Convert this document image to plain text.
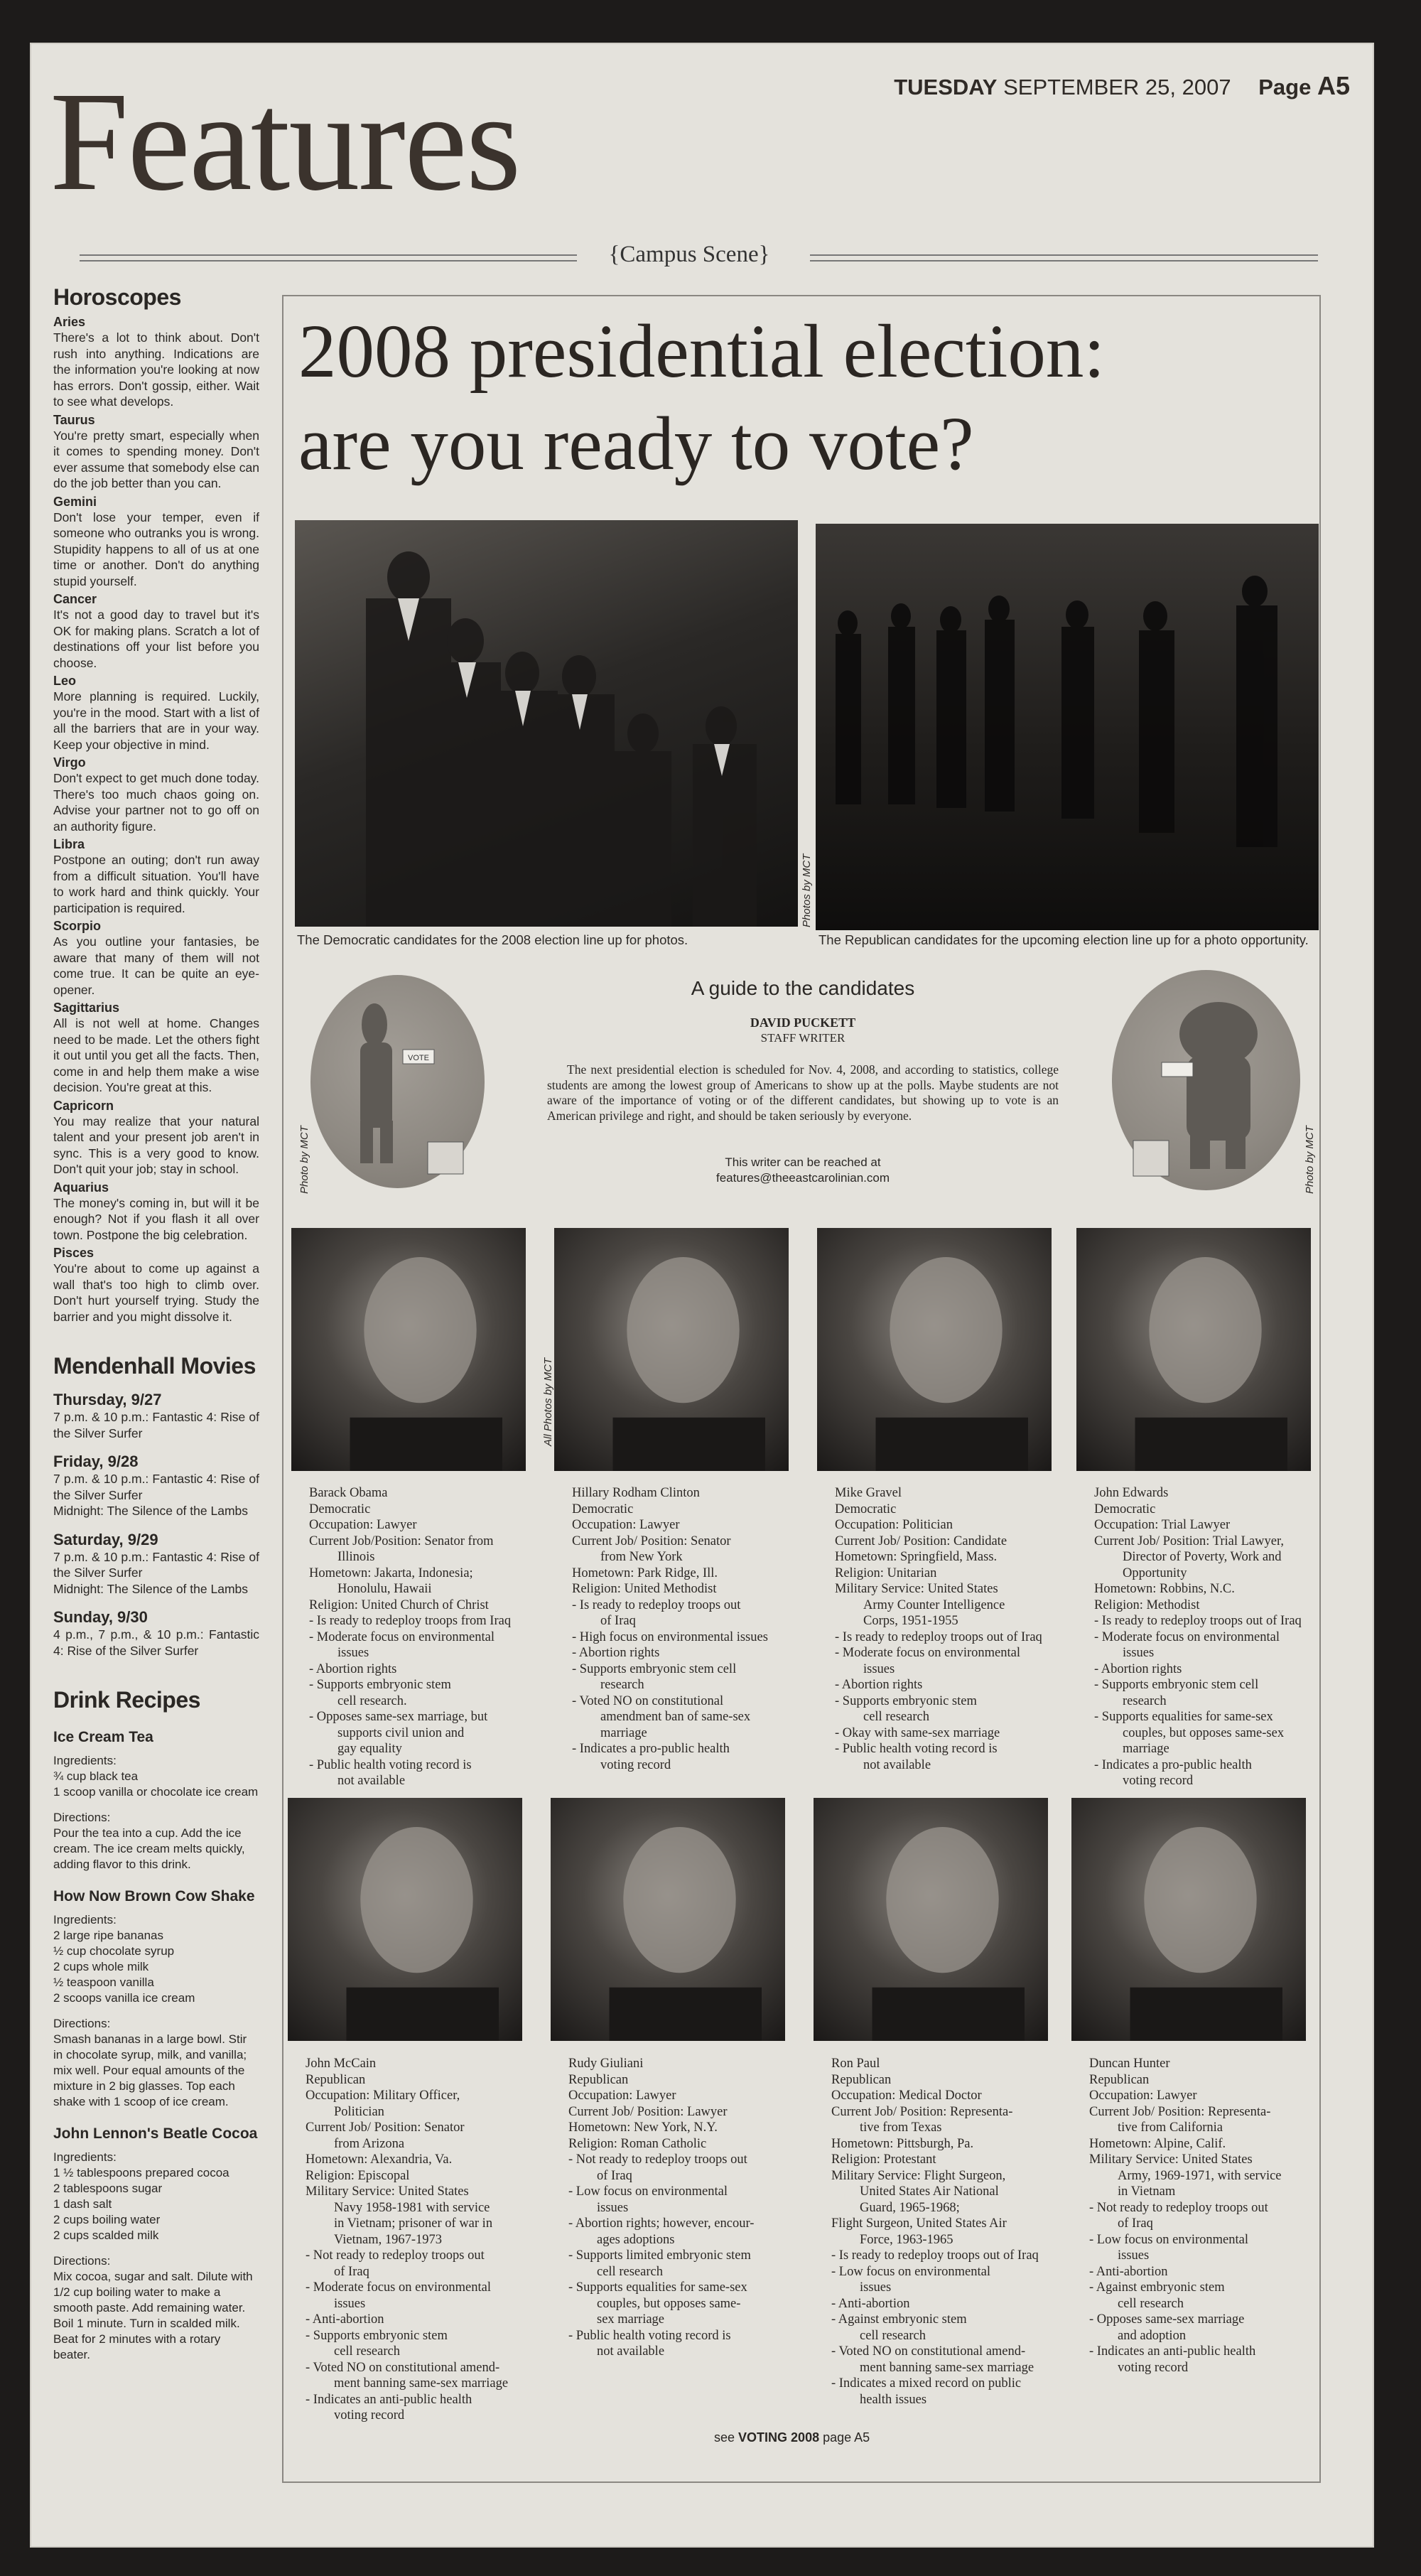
Features	TUESDAY SEPTEMBER 25, 2007 Page A5
{Campus Scene}
Horoscopes
Aries
There's a lot to think about. Don't rush into anything. Indications are the information you're looking at now has errors. Don't gossip, either. Wait to see what develops.
Taurus
You're pretty smart, especially when it comes to spending money. Don't ever assume that somebody else can do the job better than you can.
Gemini
Don't lose your temper, even if someone who outranks you is wrong. Stupidity happens to all of us at one time or another. Don't do anything stupid yourself.
Cancer
It's not a good day to travel but it's OK for making plans. Scratch a lot of destinations off your list before you choose.
Leo
More planning is required. Luckily, you're in the mood. Start with a list of all the barriers that are in your way. Keep your objective in mind.
Virgo
Don't expect to get much done today. There's too much chaos going on. Advise your partner not to go off on an authority figure.
Libra
Postpone an outing; don't run away from a difficult situation. You'll have to work hard and think quickly. Your participation is required.
Scorpio
As you outline your fantasies, be aware that many of them will not come true. It can be quite an eye-opener.
Sagittarius
All is not well at home. Changes need to be made. Let the others fight it out until you get all the facts. Then, come in and help them make a wise decision. You're great at this.
Capricorn
You may realize that your natural talent and your present job aren't in sync. This is a very good to know. Don't quit your job; stay in school.
Aquarius
The money's coming in, but will it be enough? Not if you flash it all over town. Postpone the big celebration.
Pisces
You're about to come up against a wall that's too high to climb over. Don't hurt yourself trying. Study the barrier and you might dissolve it.
Mendenhall Movies
Thursday, 9/27
7 p.m. & 10 p.m.: Fantastic 4: Rise of the Silver Surfer
Friday, 9/28
7 p.m. & 10 p.m.: Fantastic 4: Rise of the Silver Surfer
Midnight: The Silence of the Lambs
Saturday, 9/29
7 p.m. & 10 p.m.: Fantastic 4: Rise of the Silver Surfer
Midnight: The Silence of the Lambs
Sunday, 9/30
4 p.m., 7 p.m., & 10 p.m.: Fantastic 4: Rise of the Silver Surfer
Drink Recipes
Ice Cream Tea
Ingredients:
¾ cup black tea
1 scoop vanilla or chocolate ice cream
Directions:
Pour the tea into a cup. Add the ice cream. The ice cream melts quickly, adding flavor to this drink.
How Now Brown Cow Shake
Ingredients:
2 large ripe bananas
½ cup chocolate syrup
2 cups whole milk
½ teaspoon vanilla
2 scoops vanilla ice cream
Directions:
Smash bananas in a large bowl. Stir in chocolate syrup, milk, and vanilla; mix well. Pour equal amounts of the mixture in 2 big glasses. Top each shake with 1 scoop of ice cream.
John Lennon's Beatle Cocoa
Ingredients:
1 ½ tablespoons prepared cocoa
2 tablespoons sugar
1 dash salt
2 cups boiling water
2 cups scalded milk
Directions:
Mix cocoa, sugar and salt. Dilute with 1/2 cup boiling water to make a smooth paste. Add remaining water. Boil 1 minute. Turn in scalded milk. Beat for 2 minutes with a rotary beater.
2008 presidential election:
are you ready to vote?
Photos by MCT
The Democratic candidates for the 2008 election line up for photos.	The Republican candidates for the upcoming election line up for a photo opportunity.
VOTE
Photo by MCT	Photo by MCT
A guide to the candidates
DAVID PUCKETT
STAFF WRITER
The next presidential election is scheduled for Nov. 4, 2008, and according to statistics, college students are among the lowest group of Americans to show up at the polls. Maybe students are not aware of the importance of voting or of the different candidates, but showing up to vote is an American privilege and right, and should be taken seriously by everyone.
This writer can be reached at
features@theeastcarolinian.com
Barack Obama
Democratic
Occupation: Lawyer
Current Job/Position: Senator from
Illinois
Hometown: Jakarta, Indonesia;
Honolulu, Hawaii
Religion: United Church of Christ
- Is ready to redeploy troops from Iraq
- Moderate focus on environmental
issues
- Abortion rights
- Supports embryonic stem
cell research.
- Opposes same-sex marriage, but
supports civil union and
gay equality
- Public health voting record is
not available
Hillary Rodham Clinton
Democratic
Occupation: Lawyer
Current Job/ Position: Senator
from New York
Hometown: Park Ridge, Ill.
Religion: United Methodist
- Is ready to redeploy troops out
of Iraq
- High focus on environmental issues
- Abortion rights
- Supports embryonic stem cell
research
- Voted NO on constitutional
amendment ban of same-sex
marriage
- Indicates a pro-public health
voting record
Mike Gravel
Democratic
Occupation: Politician
Current Job/ Position: Candidate
Hometown: Springfield, Mass.
Religion: Unitarian
Military Service: United States
Army Counter Intelligence
Corps, 1951-1955
- Is ready to redeploy troops out of Iraq
- Moderate focus on environmental
issues
- Abortion rights
- Supports embryonic stem
cell research
- Okay with same-sex marriage
- Public health voting record is
not available
John Edwards
Democratic
Occupation: Trial Lawyer
Current Job/ Position: Trial Lawyer,
Director of Poverty, Work and
Opportunity
Hometown: Robbins, N.C.
Religion: Methodist
- Is ready to redeploy troops out of Iraq
- Moderate focus on environmental
issues
- Abortion rights
- Supports embryonic stem cell
research
- Supports equalities for same-sex
couples, but opposes same-sex
marriage
- Indicates a pro-public health
voting record
All Photos by MCT
John McCain
Republican
Occupation: Military Officer,
Politician
Current Job/ Position: Senator
from Arizona
Hometown: Alexandria, Va.
Religion: Episcopal
Military Service: United States
Navy 1958-1981 with service
in Vietnam; prisoner of war in
Vietnam, 1967-1973
- Not ready to redeploy troops out
of Iraq
- Moderate focus on environmental
issues
- Anti-abortion
- Supports embryonic stem
cell research
- Voted NO on constitutional amend-
ment banning same-sex marriage
- Indicates an anti-public health
voting record
Rudy Giuliani
Republican
Occupation: Lawyer
Current Job/ Position: Lawyer
Hometown: New York, N.Y.
Religion: Roman Catholic
- Not ready to redeploy troops out
of Iraq
- Low focus on environmental
issues
- Abortion rights; however, encour-
ages adoptions
- Supports limited embryonic stem
cell research
- Supports equalities for same-sex
couples, but opposes same-
sex marriage
- Public health voting record is
not available
Ron Paul
Republican
Occupation: Medical Doctor
Current Job/ Position: Representa-
tive from Texas
Hometown: Pittsburgh, Pa.
Religion: Protestant
Military Service: Flight Surgeon,
United States Air National
Guard, 1965-1968;
Flight Surgeon, United States Air
Force, 1963-1965
- Is ready to redeploy troops out of Iraq
- Low focus on environmental
issues
- Anti-abortion
- Against embryonic stem
cell research
- Voted NO on constitutional amend-
ment banning same-sex marriage
- Indicates a mixed record on public
health issues
Duncan Hunter
Republican
Occupation: Lawyer
Current Job/ Position: Representa-
tive from California
Hometown: Alpine, Calif.
Military Service: United States
Army, 1969-1971, with service
in Vietnam
- Not ready to redeploy troops out
of Iraq
- Low focus on environmental
issues
- Anti-abortion
- Against embryonic stem
cell research
- Opposes same-sex marriage
and adoption
- Indicates an anti-public health
voting record
see VOTING 2008 page A5
